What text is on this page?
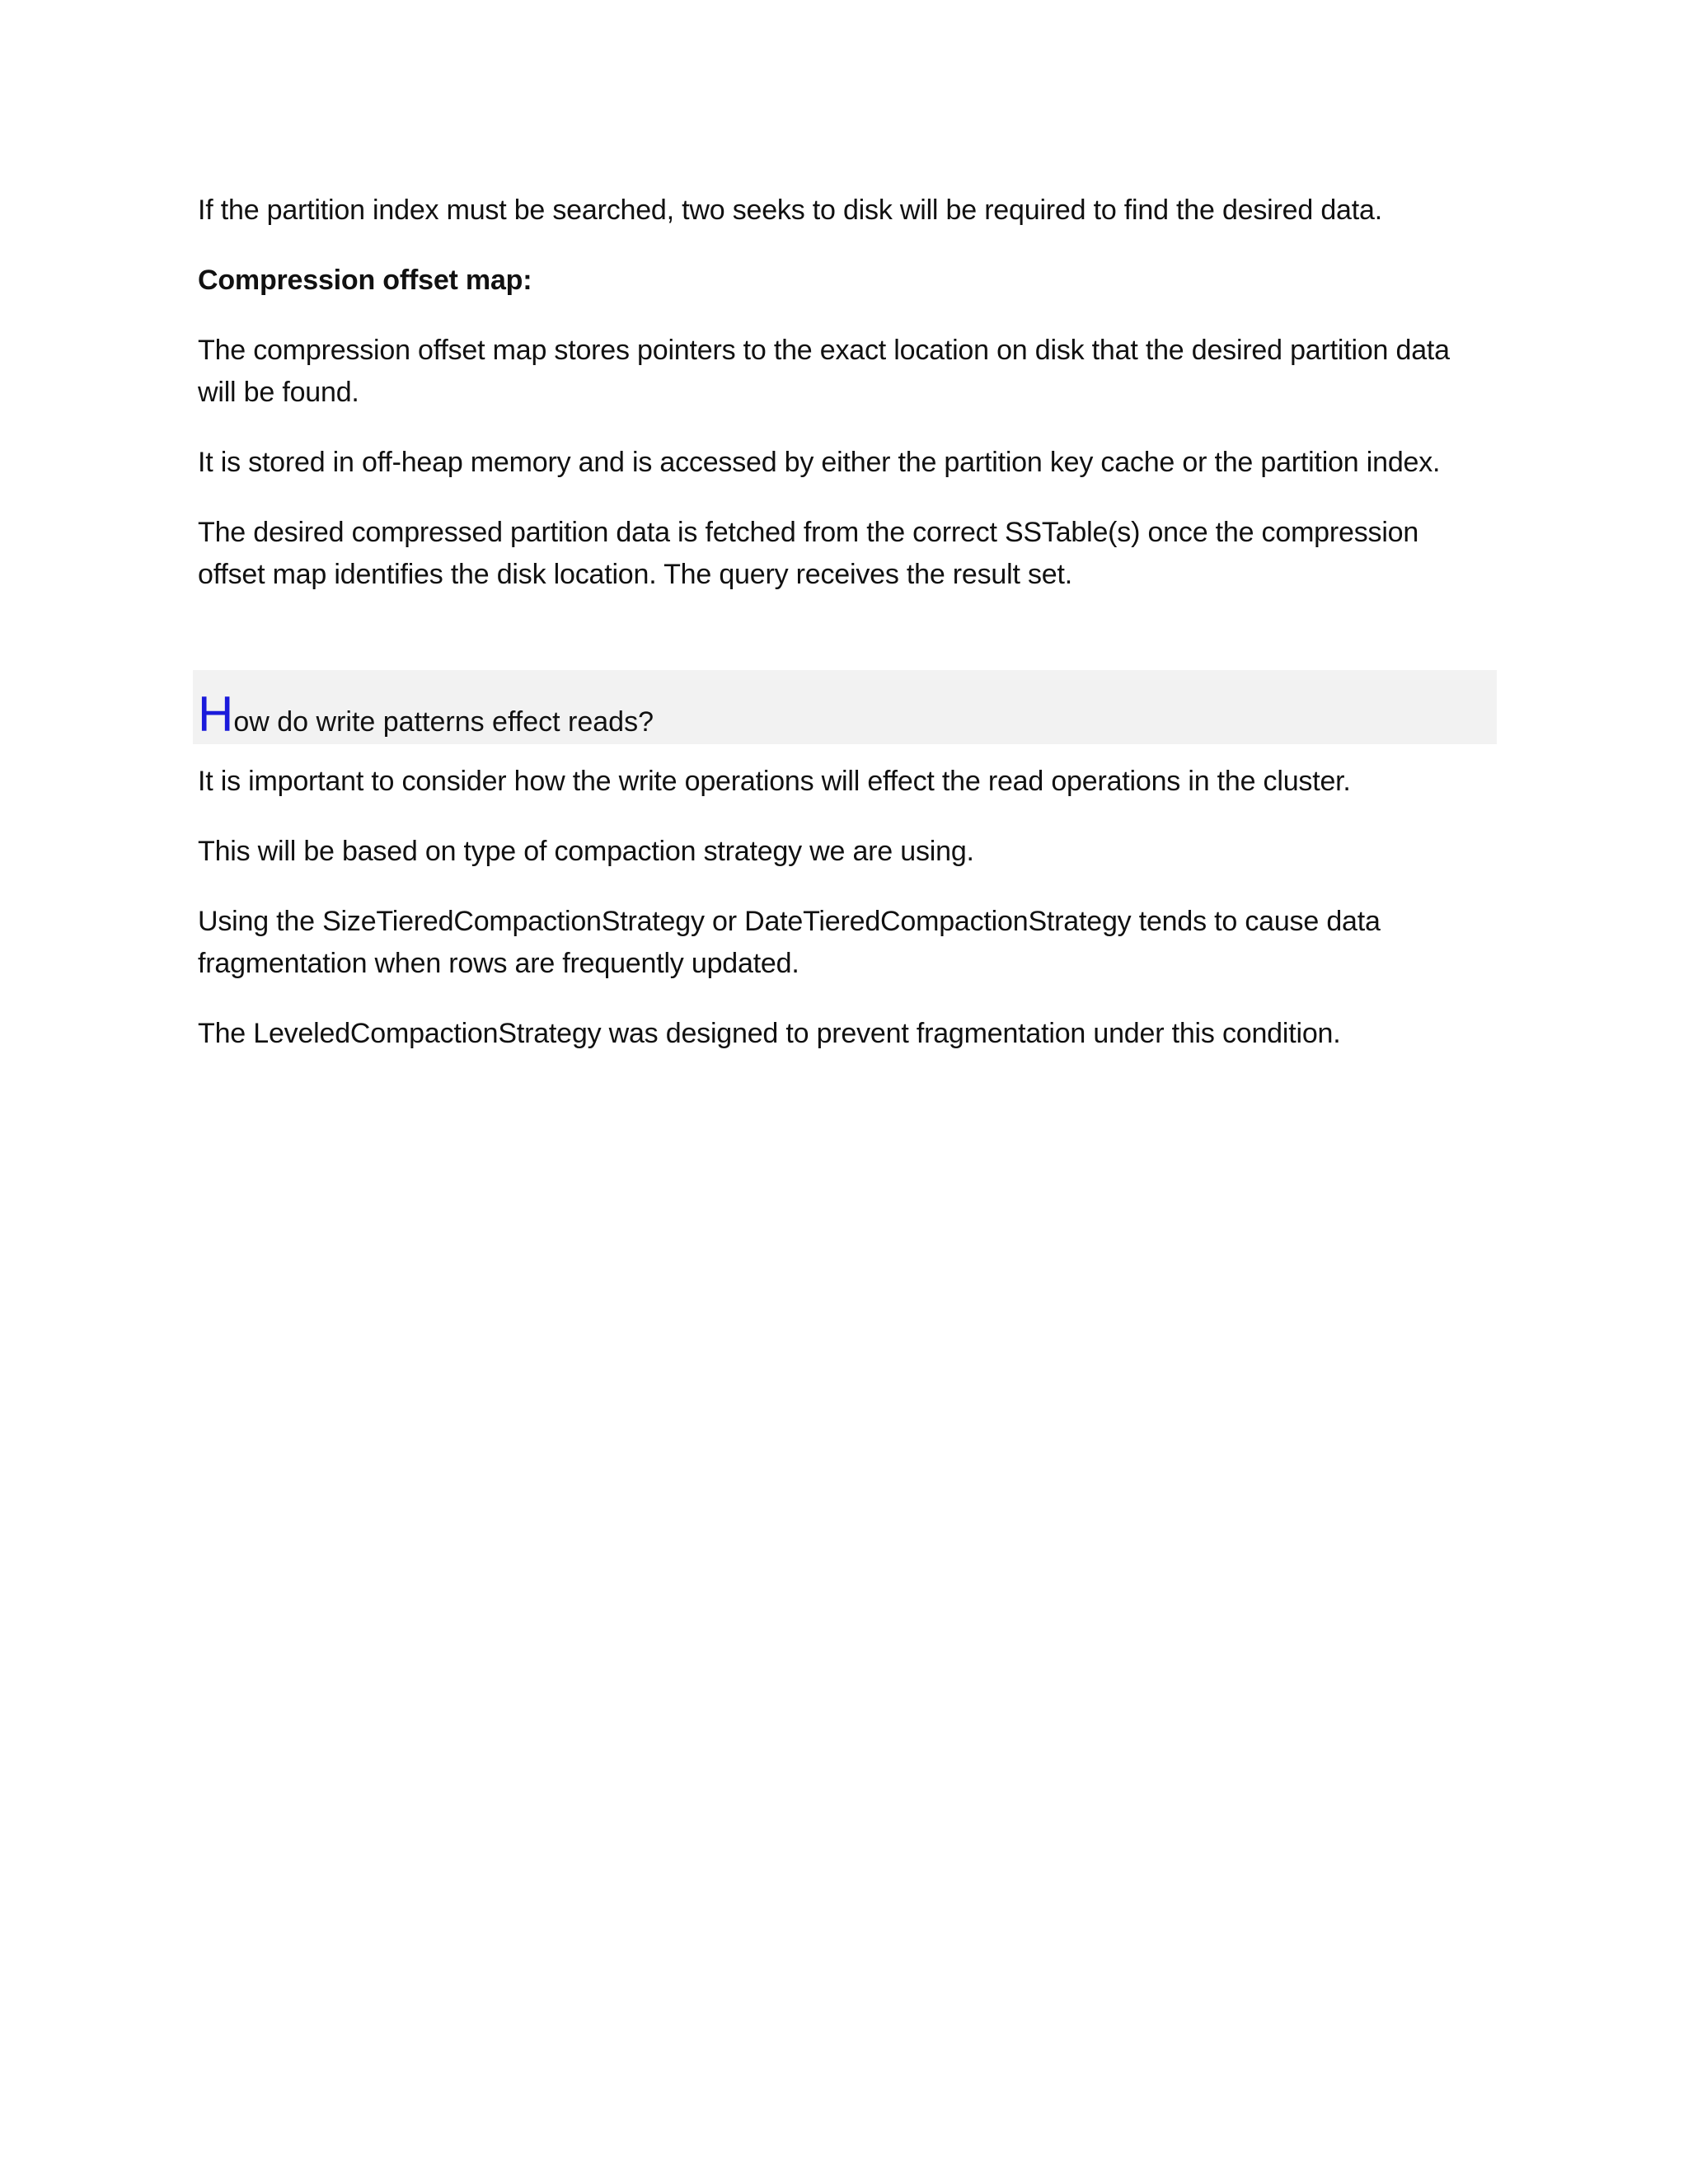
If the partition index must be searched, two seeks to disk will be required to find the desired data.

Compression offset map:

The compression offset map stores pointers to the exact location on disk that the desired partition data will be found.

It is stored in off-heap memory and is accessed by either the partition key cache or the partition index.

The desired compressed partition data is fetched from the correct SSTable(s) once the compression offset map identifies the disk location. The query receives the result set.

How do write patterns effect reads?

It is important to consider how the write operations will effect the read operations in the cluster.

This will be based on type of compaction strategy we are using.

Using the SizeTieredCompactionStrategy or DateTieredCompactionStrategy tends to cause data fragmentation when rows are frequently updated.

The LeveledCompactionStrategy was designed to prevent fragmentation under this condition.
